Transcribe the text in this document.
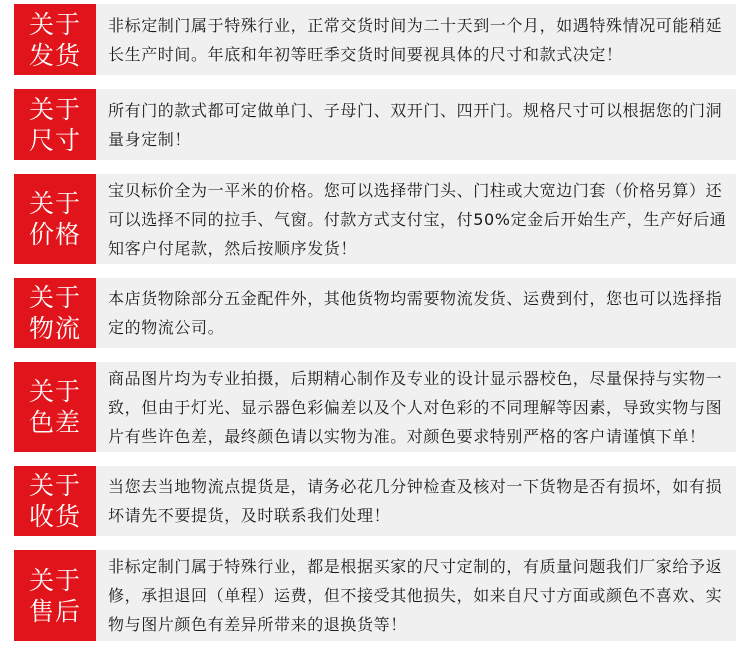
关于
发货

非标定制门属于特殊行业，正常交货时间为二十天到一个月，如遇特殊情况可能稍延长生产时间。年底和年初等旺季交货时间要视具体的尺寸和款式决定！

关于
尺寸

所有门的款式都可定做单门、子母门、双开门、四开门。规格尺寸可以根据您的门洞量身定制！

关于
价格

宝贝标价全为一平米的价格。您可以选择带门头、门柱或大宽边门套（价格另算）还可以选择不同的拉手、气窗。付款方式支付宝，付50%定金后开始生产，生产好后通知客户付尾款，然后按顺序发货！

关于
物流

本店货物除部分五金配件外，其他货物均需要物流发货、运费到付，您也可以选择指定的物流公司。

关于
色差

商品图片均为专业拍摄，后期精心制作及专业的设计显示器校色，尽量保持与实物一致，但由于灯光、显示器色彩偏差以及个人对色彩的不同理解等因素，导致实物与图片有些许色差，最终颜色请以实物为准。对颜色要求特别严格的客户请谨慎下单！

关于
收货

当您去当地物流点提货是，请务必花几分钟检查及核对一下货物是否有损坏，如有损坏请先不要提货，及时联系我们处理！

关于
售后

非标定制门属于特殊行业，都是根据买家的尺寸定制的，有质量问题我们厂家给予返修，承担退回（单程）运费，但不接受其他损失，如来自尺寸方面或颜色不喜欢、实物与图片颜色有差异所带来的退换货等！
